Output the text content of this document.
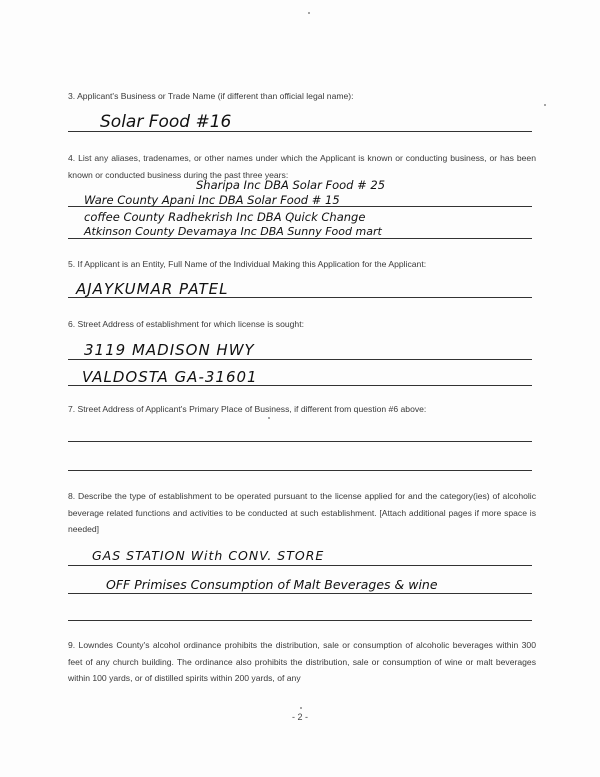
3. Applicant's Business or Trade Name (if different than official legal name):
Solar Food #16
4. List any aliases, tradenames, or other names under which the Applicant is known or conducting business, or has been known or conducted business during the past three years:
Sharipa Inc DBA Solar Food # 25
Ware County Apani Inc DBA Solar Food # 15
coffee County Radhekrish Inc DBA Quick Change
Atkinson County Devamaya Inc DBA Sunny Food mart
5. If Applicant is an Entity, Full Name of the Individual Making this Application for the Applicant:
AJAYKUMAR PATEL
6. Street Address of establishment for which license is sought:
3119 MADISON HWY
VALDOSTA GA-31601
7. Street Address of Applicant's Primary Place of Business, if different from question #6 above:
8. Describe the type of establishment to be operated pursuant to the license applied for and the category(ies) of alcoholic beverage related functions and activities to be conducted at such establishment. [Attach additional pages if more space is needed]
GAS STATION With CONV. STORE
OFF Primises Consumption of Malt Beverages & wine
9. Lowndes County's alcohol ordinance prohibits the distribution, sale or consumption of alcoholic beverages within 300 feet of any church building. The ordinance also prohibits the distribution, sale or consumption of wine or malt beverages within 100 yards, or of distilled spirits within 200 yards, of any
- 2 -
